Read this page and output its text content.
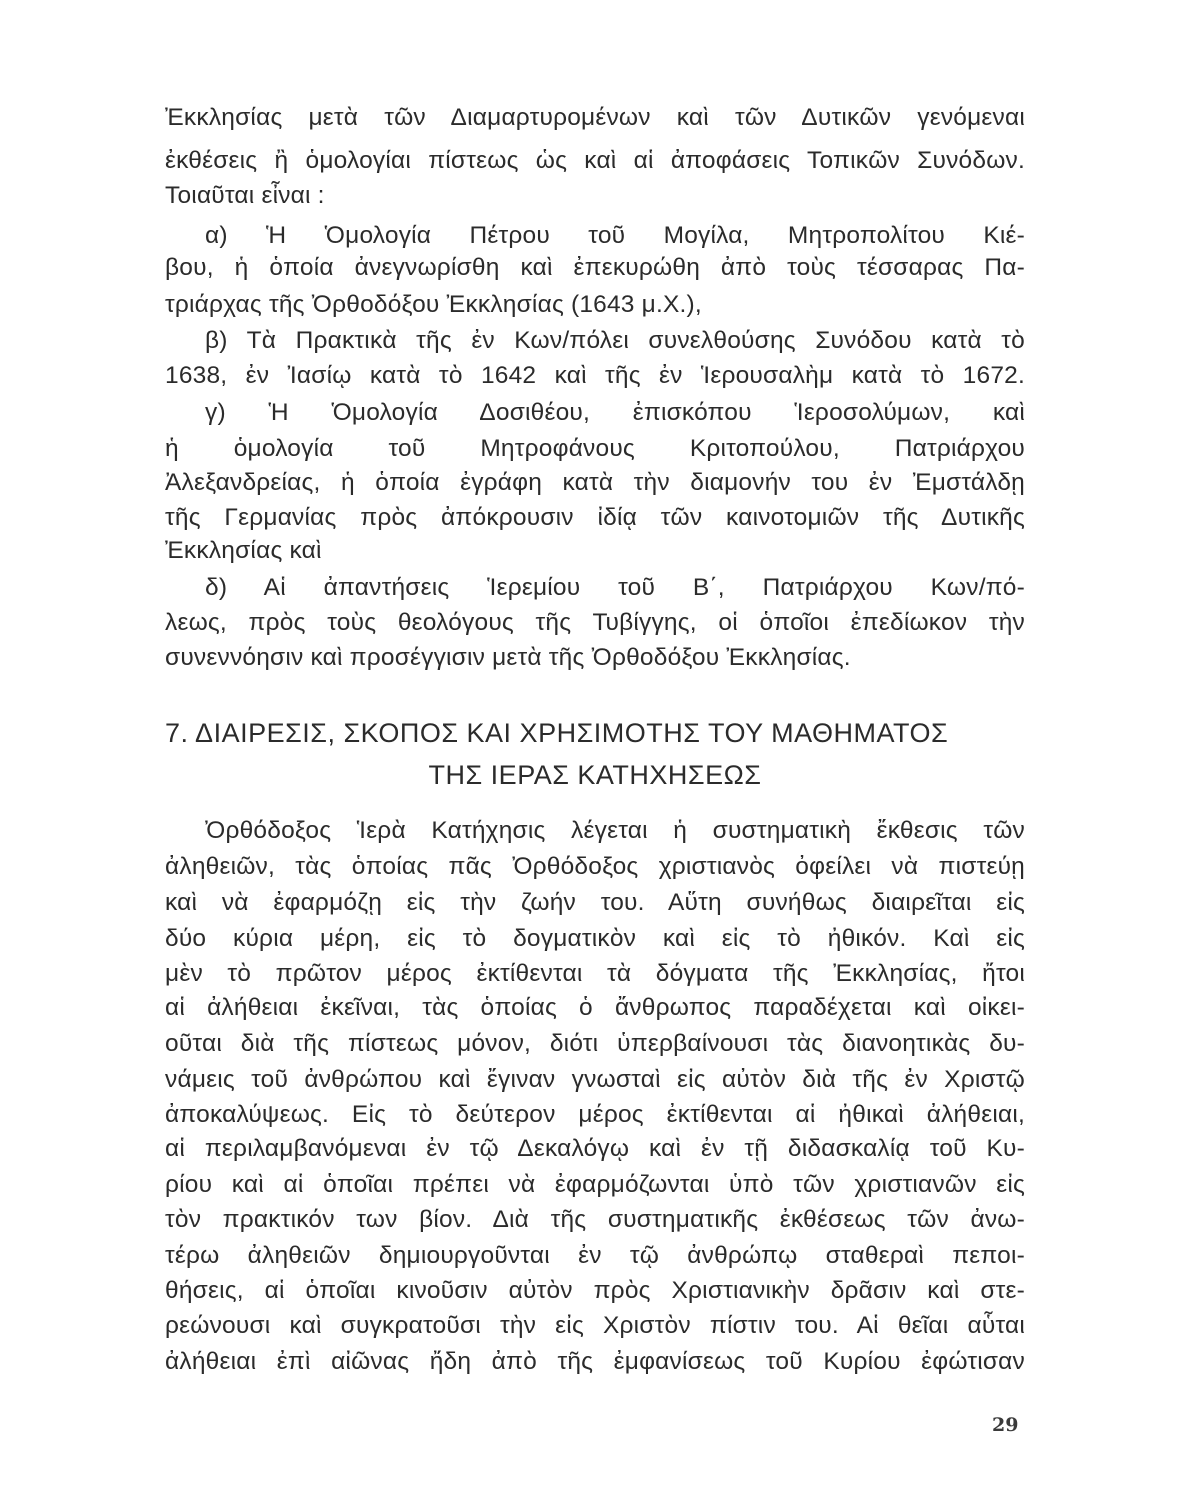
Ἐκκλησίας μετὰ τῶν Διαμαρτυρομένων καὶ τῶν Δυτικῶν γενόμεναι
ἐκθέσεις ἢ ὁμολογίαι πίστεως ὡς καὶ αἱ ἀποφάσεις Τοπικῶν Συνόδων.
Τοιαῦται εἶναι :
α) Ἡ Ὁμολογία Πέτρου τοῦ Μογίλα, Μητροπολίτου Κιέ-
βου, ἡ ὁποία ἀνεγνωρίσθη καὶ ἐπεκυρώθη ἀπὸ τοὺς τέσσαρας Πα-
τριάρχας τῆς Ὀρθοδόξου Ἐκκλησίας (1643 μ.Χ.),
β) Τὰ Πρακτικὰ τῆς ἐν Κων/πόλει συνελθούσης Συνόδου κατὰ τὸ
1638, ἐν Ἰασίῳ κατὰ τὸ 1642 καὶ τῆς ἐν Ἱερουσαλὴμ κατὰ τὸ 1672.
γ) Ἡ Ὁμολογία Δοσιθέου, ἐπισκόπου Ἱεροσολύμων, καὶ
ἡ ὁμολογία τοῦ Μητροφάνους Κριτοπούλου, Πατριάρχου
Ἀλεξανδρείας, ἡ ὁποία ἐγράφη κατὰ τὴν διαμονήν του ἐν Ἐμστάλδῃ
τῆς Γερμανίας πρὸς ἀπόκρουσιν ἰδίᾳ τῶν καινοτομιῶν τῆς Δυτικῆς
Ἐκκλησίας καὶ
δ) Αἱ ἀπαντήσεις Ἱερεμίου τοῦ Β΄, Πατριάρχου Κων/πό-
λεως, πρὸς τοὺς θεολόγους τῆς Τυβίγγης, οἱ ὁποῖοι ἐπεδίωκον τὴν
συνεννόησιν καὶ προσέγγισιν μετὰ τῆς Ὀρθοδόξου Ἐκκλησίας.
7. ΔΙΑΙΡΕΣΙΣ, ΣΚΟΠΟΣ ΚΑΙ ΧΡΗΣΙΜΟΤΗΣ ΤΟΥ ΜΑΘΗΜΑΤΟΣ
ΤΗΣ ΙΕΡΑΣ ΚΑΤΗΧΗΣΕΩΣ
Ὀρθόδοξος Ἱερὰ Κατήχησις λέγεται ἡ συστηματικὴ ἔκθεσις τῶν
ἀληθειῶν, τὰς ὁποίας πᾶς Ὀρθόδοξος χριστιανὸς ὀφείλει νὰ πιστεύῃ
καὶ νὰ ἐφαρμόζῃ εἰς τὴν ζωήν του. Αὕτη συνήθως διαιρεῖται εἰς
δύο κύρια μέρη, εἰς τὸ δογματικὸν καὶ εἰς τὸ ἠθικόν. Καὶ εἰς
μὲν τὸ πρῶτον μέρος ἐκτίθενται τὰ δόγματα τῆς Ἐκκλησίας, ἤτοι
αἱ ἀλήθειαι ἐκεῖναι, τὰς ὁποίας ὁ ἄνθρωπος παραδέχεται καὶ οἰκει-
οῦται διὰ τῆς πίστεως μόνον, διότι ὑπερβαίνουσι τὰς διανοητικὰς δυ-
νάμεις τοῦ ἀνθρώπου καὶ ἔγιναν γνωσταὶ εἰς αὐτὸν διὰ τῆς ἐν Χριστῷ
ἀποκαλύψεως. Εἰς τὸ δεύτερον μέρος ἐκτίθενται αἱ ἠθικαὶ ἀλήθειαι,
αἱ περιλαμβανόμεναι ἐν τῷ Δεκαλόγῳ καὶ ἐν τῇ διδασκαλίᾳ τοῦ Κυ-
ρίου καὶ αἱ ὁποῖαι πρέπει νὰ ἐφαρμόζωνται ὑπὸ τῶν χριστιανῶν εἰς
τὸν πρακτικόν των βίον. Διὰ τῆς συστηματικῆς ἐκθέσεως τῶν ἀνω-
τέρω ἀληθειῶν δημιουργοῦνται ἐν τῷ ἀνθρώπῳ σταθεραὶ πεποι-
θήσεις, αἱ ὁποῖαι κινοῦσιν αὐτὸν πρὸς Χριστιανικὴν δρᾶσιν καὶ στε-
ρεώνουσι καὶ συγκρατοῦσι τὴν εἰς Χριστὸν πίστιν του. Αἱ θεῖαι αὗται
ἀλήθειαι ἐπὶ αἰῶνας ἤδη ἀπὸ τῆς ἐμφανίσεως τοῦ Κυρίου ἐφώτισαν
29
